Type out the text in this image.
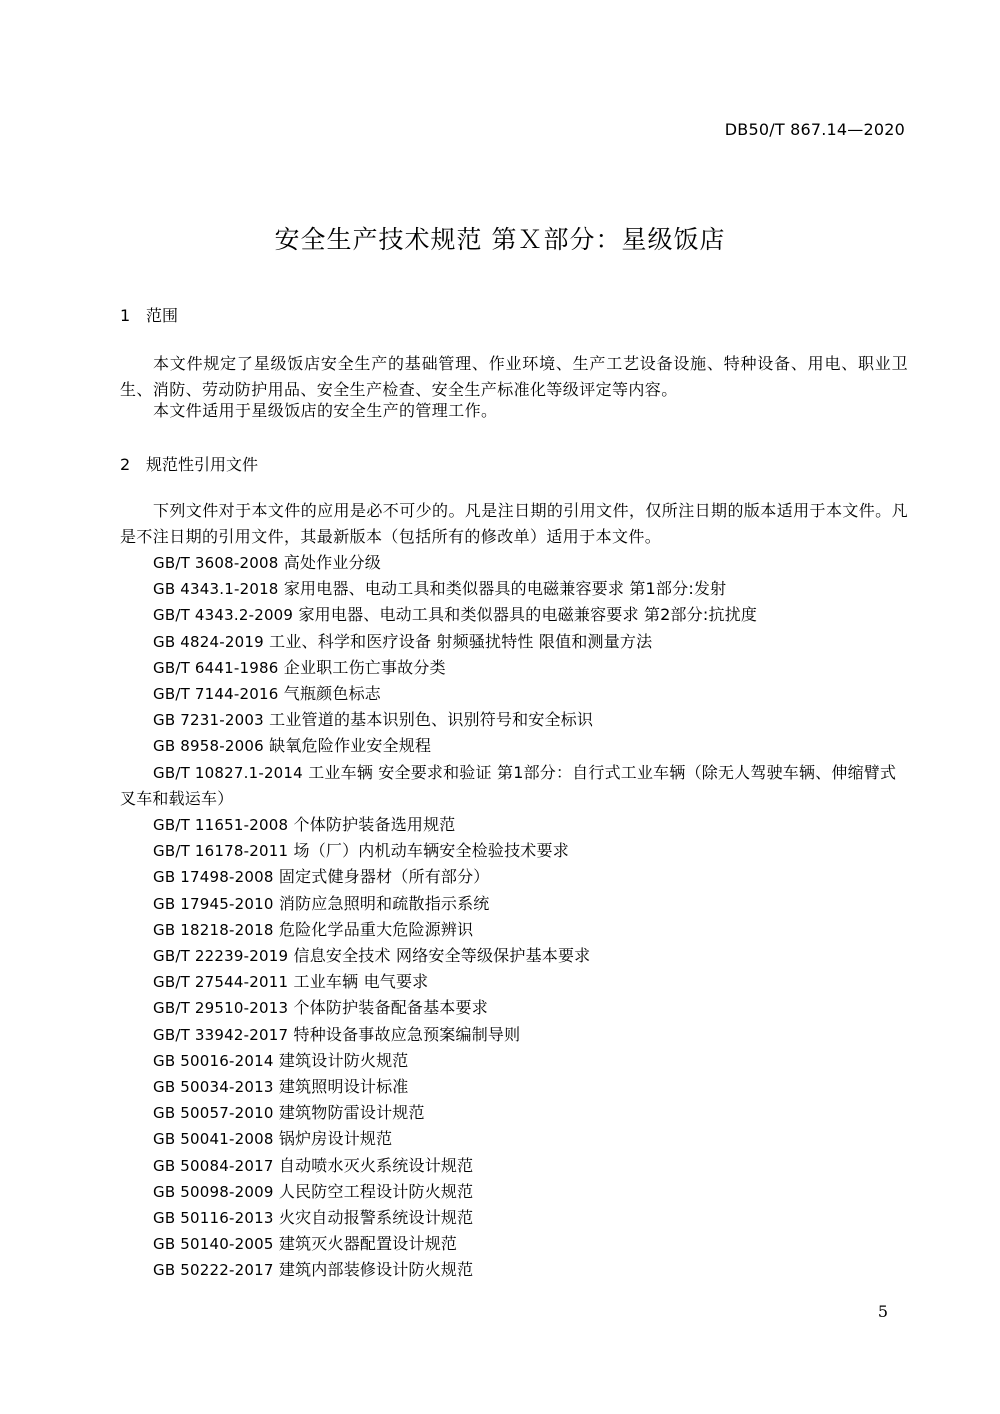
DB50/T 867.14—2020
安全生产技术规范 第Ｘ部分：星级饭店
1 范围
本文件规定了星级饭店安全生产的基础管理、作业环境、生产工艺设备设施、特种设备、用电、职业卫生、消防、劳动防护用品、安全生产检查、安全生产标准化等级评定等内容。
本文件适用于星级饭店的安全生产的管理工作。
2 规范性引用文件
下列文件对于本文件的应用是必不可少的。凡是注日期的引用文件，仅所注日期的版本适用于本文件。凡是不注日期的引用文件，其最新版本（包括所有的修改单）适用于本文件。
GB/T 3608-2008 高处作业分级
GB 4343.1-2018 家用电器、电动工具和类似器具的电磁兼容要求 第1部分:发射
GB/T 4343.2-2009 家用电器、电动工具和类似器具的电磁兼容要求 第2部分:抗扰度
GB 4824-2019 工业、科学和医疗设备 射频骚扰特性 限值和测量方法
GB/T 6441-1986 企业职工伤亡事故分类
GB/T 7144-2016 气瓶颜色标志
GB 7231-2003 工业管道的基本识别色、识别符号和安全标识
GB 8958-2006 缺氧危险作业安全规程
GB/T 10827.1-2014 工业车辆 安全要求和验证 第1部分：自行式工业车辆（除无人驾驶车辆、伸缩臂式叉车和载运车）
GB/T 11651-2008 个体防护装备选用规范
GB/T 16178-2011 场（厂）内机动车辆安全检验技术要求
GB 17498-2008 固定式健身器材（所有部分）
GB 17945-2010 消防应急照明和疏散指示系统
GB 18218-2018 危险化学品重大危险源辨识
GB/T 22239-2019 信息安全技术 网络安全等级保护基本要求
GB/T 27544-2011 工业车辆 电气要求
GB/T 29510-2013 个体防护装备配备基本要求
GB/T 33942-2017 特种设备事故应急预案编制导则
GB 50016-2014 建筑设计防火规范
GB 50034-2013 建筑照明设计标准
GB 50057-2010 建筑物防雷设计规范
GB 50041-2008 锅炉房设计规范
GB 50084-2017 自动喷水灭火系统设计规范
GB 50098-2009 人民防空工程设计防火规范
GB 50116-2013 火灾自动报警系统设计规范
GB 50140-2005 建筑灭火器配置设计规范
GB 50222-2017 建筑内部装修设计防火规范
5
